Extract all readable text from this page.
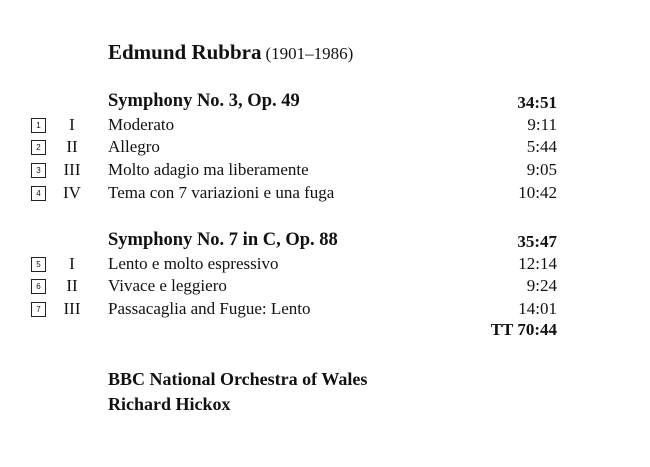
Edmund Rubbra (1901–1986)
Symphony No. 3, Op. 49	34:51
1	I	Moderato	9:11
2	II	Allegro	5:44
3	III	Molto adagio ma liberamente	9:05
4	IV	Tema con 7 variazioni e una fuga	10:42
Symphony No. 7 in C, Op. 88	35:47
5	I	Lento e molto espressivo	12:14
6	II	Vivace e leggiero	9:24
7	III	Passacaglia and Fugue: Lento	14:01
TT 70:44
BBC National Orchestra of Wales
Richard Hickox
